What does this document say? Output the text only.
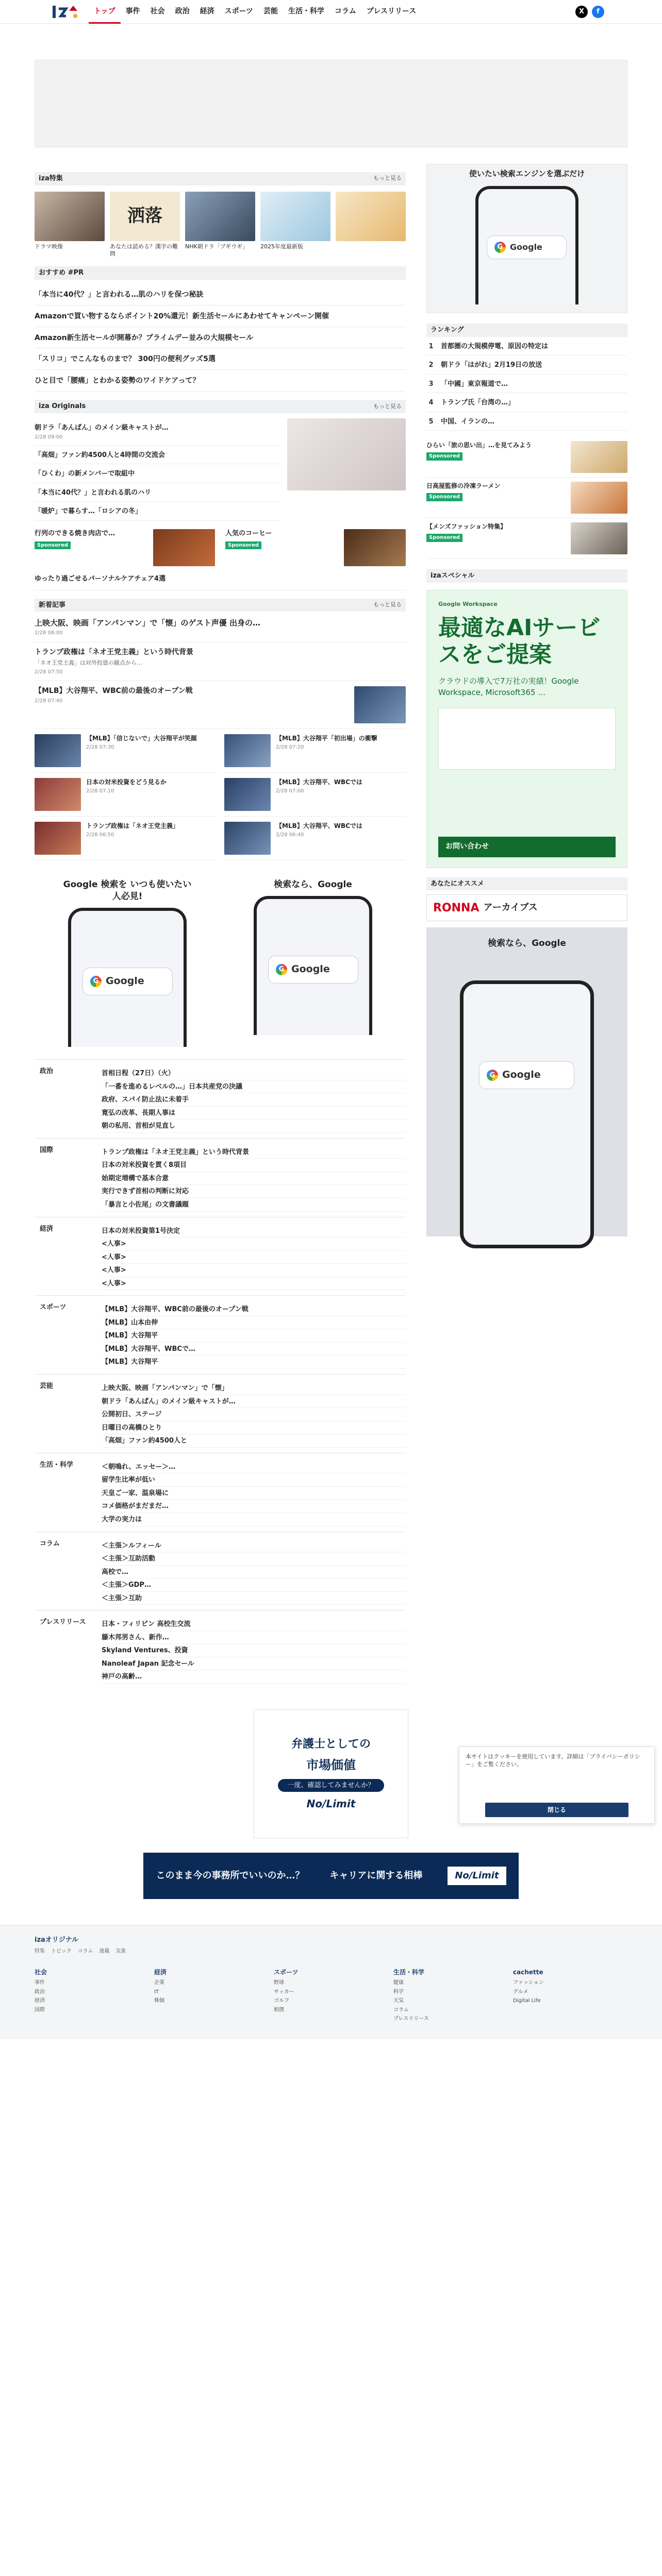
トップ	事件	社会	政治	経済	スポーツ	芸能	生活・科学	コラム	プレスリリース	X	f
iza特集	もっと見る
ドラマ映像
洒落
あなたは読める？漢字の難問
NHK朝ドラ「ブギウギ」	2025年度最新版
おすすめ #PR
「本当に40代？」と言われる…肌のハリを保つ秘訣
Amazonで買い物するならポイント20%還元！新生活セールにあわせてキャンペーン開催
Amazon新生活セールが開幕か？プライムデー並みの大規模セール
「スリコ」でこんなものまで？ 300円の便利グッズ5選
ひと目で「腰痛」とわかる姿勢のワイドケアって？
iza Originals	もっと見る
朝ドラ「あんぱん」のメイン級キャストが…
2/28 09:00
「高畑」ファン約4500人と4時間の交流会
「ひくわ」の新メンバーで取組中
「本当に40代？」と言われる肌のハリ
「暖炉」で暮らす…「ロシアの冬」
行列のできる焼き肉店で…
Sponsored
人気のコーヒー
Sponsored
ゆったり過ごせるパーソナルケアチェア4選
新着記事	もっと見る
上映大阪、映画「アンパンマン」で「懐」のゲスト声優 出身の…
2/28 08:00
トランプ政権は「ネオ王党主義」という時代背景
「ネオ王党主義」は対外投資の観点から…
2/28 07:50
【MLB】大谷翔平、WBC前の最後のオープン戦
2/28 07:40
【MLB】「信じないで」大谷翔平が笑顔
2/28 07:30
【MLB】大谷翔平「初出場」の衝撃
2/28 07:20
日本の対米投資をどう見るか
2/28 07:10
【MLB】大谷翔平、WBCでは
2/28 07:00
トランプ政権は「ネオ王党主義」
2/28 06:50
【MLB】大谷翔平、WBCでは
2/28 06:40
Google 検索を いつも使いたい人必見!
G Google
検索なら、Google
G Google
政治	首相日程（27日）（火）
「一番を進めるレベルの…」日本共産党の決議
政府、スパイ防止法に未着手
寛弘の改革、長期人事は
朝の私用、首相が見直し
国際	トランプ政権は「ネオ王党主義」という時代背景
日本の対米投資を貫く8項目
始期定増構で基本合意
実行できず首相の判断に対応
「暴言と小佐尾」の文書議題
経済	日本の対米投資第1号決定
<人事>
<人事>
<人事>
<人事>
スポーツ	【MLB】大谷翔平、WBC前の最後のオープン戦
【MLB】山本由伸
【MLB】大谷翔平
【MLB】大谷翔平、WBCで…
【MLB】大谷翔平
芸能	上映大阪、映画「アンパンマン」で「懐」
朝ドラ「あんぱん」のメイン級キャストが…
公開初日、ステージ
日曜日の高橋ひとり
「高畑」ファン約4500人と
生活・科学	＜朝鳴れ、エッセー＞…
留学生比率が低い
天皇ご一家、温泉場に
コメ価格がまだまだ…
大学の実力は
コラム	＜主張＞ルフィール
＜主張＞互助活動
高校で…
＜主張＞GDP…
＜主張＞互助
プレスリリース	日本・フィリピン 高校生交流
藤木邦男さん、新作…
Skyland Ventures、投資
Nanoleaf Japan 記念セール
神戸の高齢…
使いたい検索エンジンを選ぶだけ
G Google
ランキング
1	首都圏の大規模停電、原因の特定は
2	朝ドラ「はがれ」2月19日の放送
3	「中國」東京報道で…
4	トランプ氏「台湾の…」
5	中国、イランの…
ひらい「旅の思い出」…を見てみよう
Sponsored
日高屋監修の冷凍ラーメン
Sponsored
【メンズファッション特集】
Sponsored
izaスペシャル
Google Workspace
最適なAIサービスをご提案
クラウドの導入で7万社の実績！Google Workspace, Microsoft365 …
お問い合わせ
あなたにオススメ
RONNA アーカイブス
検索なら、Google
G Google
弁護士としての
市場価値
一度、確認してみませんか？
No/Limit
このまま今の事務所でいいのか…？	キャリアに関する相棒	No/Limit
本サイトはクッキーを使用しています。詳細は「プライバシーポリシー」をご覧ください。
閉じる
izaオリジナル
特集 トピック コラム 連載 気象
社会
事件
政治
経済
国際
経済
企業
IT
株価
スポーツ
野球
サッカー
ゴルフ
相撲
生活・科学
健康
科学
天気
コラム
プレスリリース
cachette
ファッション
グルメ
Digital Life
